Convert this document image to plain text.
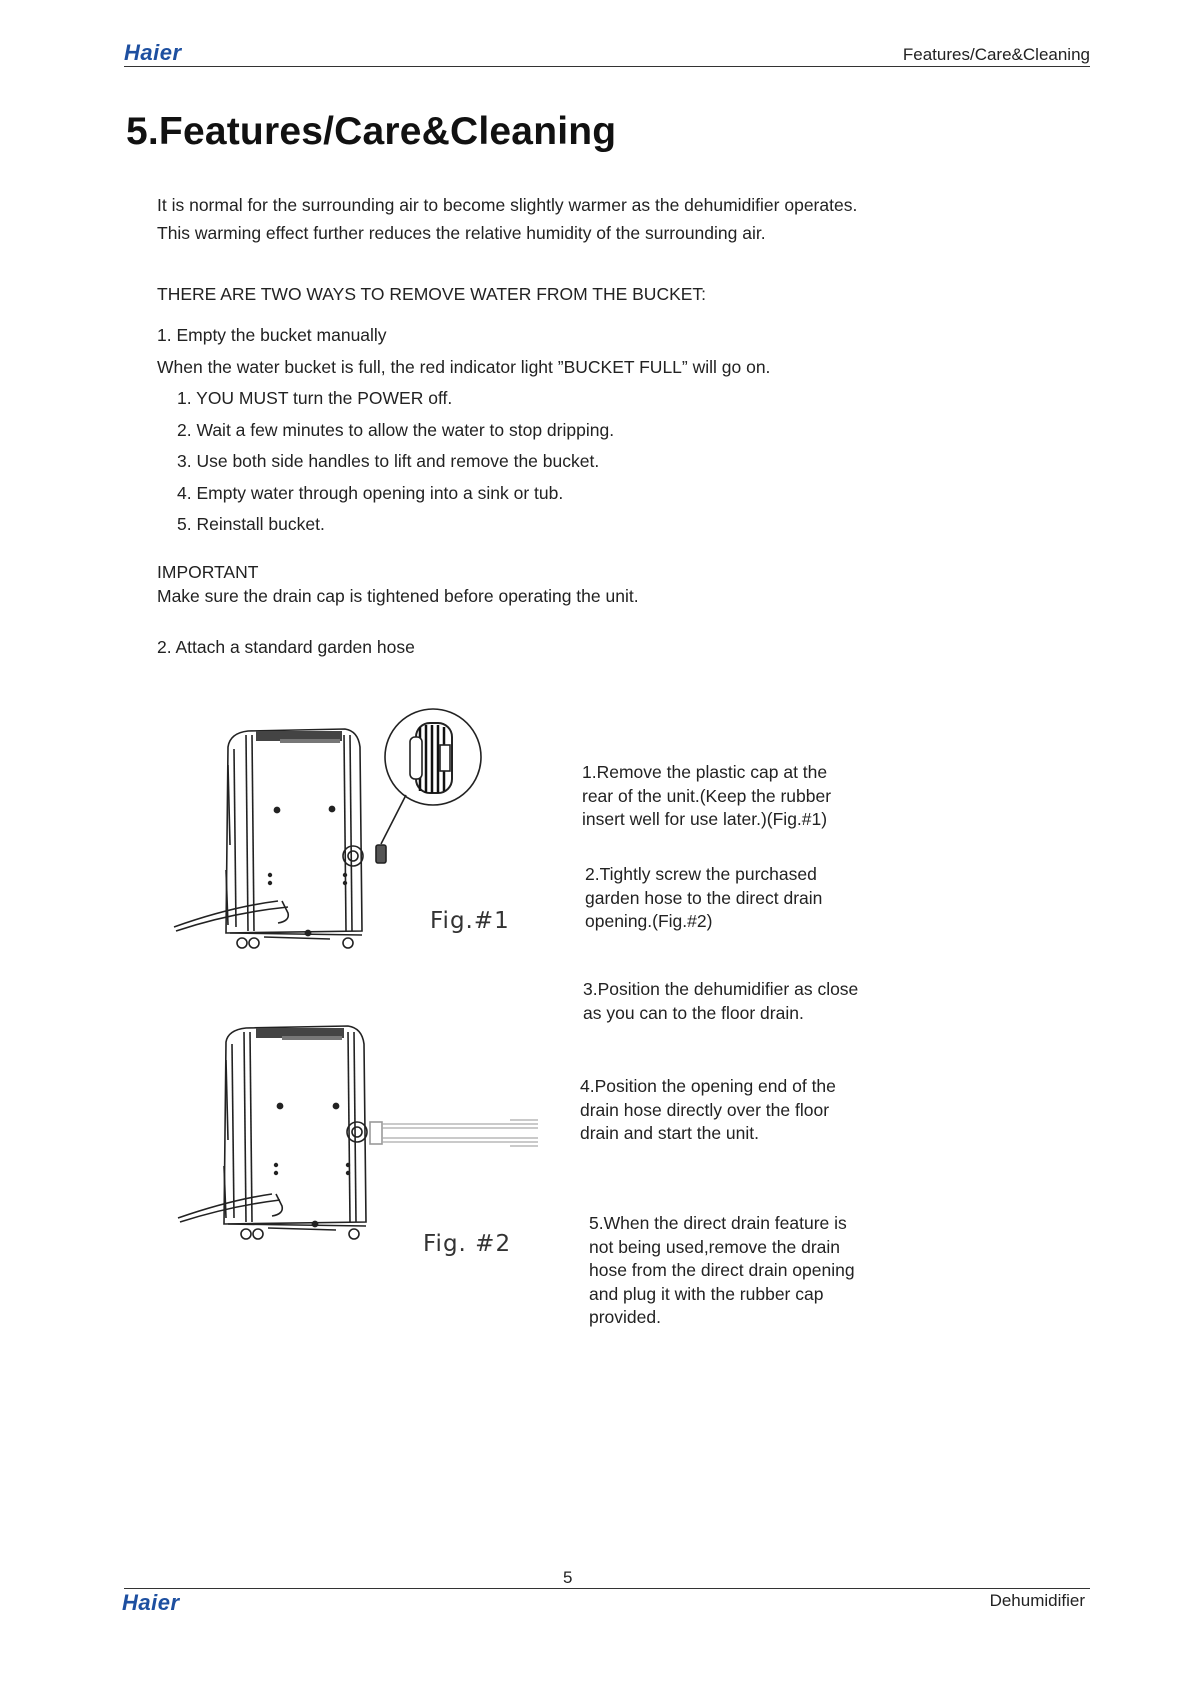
Haier	Features/Care&Cleaning
5.Features/Care&Cleaning
It is normal for the surrounding air to become slightly warmer as the dehumidifier operates.
This warming effect further reduces the relative humidity of the surrounding air.
THERE ARE TWO WAYS TO REMOVE WATER FROM THE BUCKET:
1. Empty the bucket manually
When the water bucket is full, the red indicator light ”BUCKET FULL” will go on.
1. YOU MUST turn the POWER off.
2. Wait a few minutes to allow the water to stop dripping.
3. Use both side handles to lift and remove the bucket.
4. Empty water through opening into a sink or tub.
5. Reinstall bucket.
IMPORTANT
Make sure the drain cap is tightened before operating the unit.
2. Attach a standard garden hose
Fig.#1
Fig. #2
1.Remove the plastic cap at the
rear of the unit.(Keep the rubber
insert well for use later.)(Fig.#1)
2.Tightly screw the purchased
garden hose to the direct drain
opening.(Fig.#2)
3.Position the dehumidifier as close
as you can to the floor drain.
4.Position the opening end of the
drain hose directly over the floor
drain and start the unit.
5.When the direct drain feature is
not being used,remove the drain
hose from the direct drain opening
and plug it with the rubber cap
provided.
5
Haier	Dehumidifier
